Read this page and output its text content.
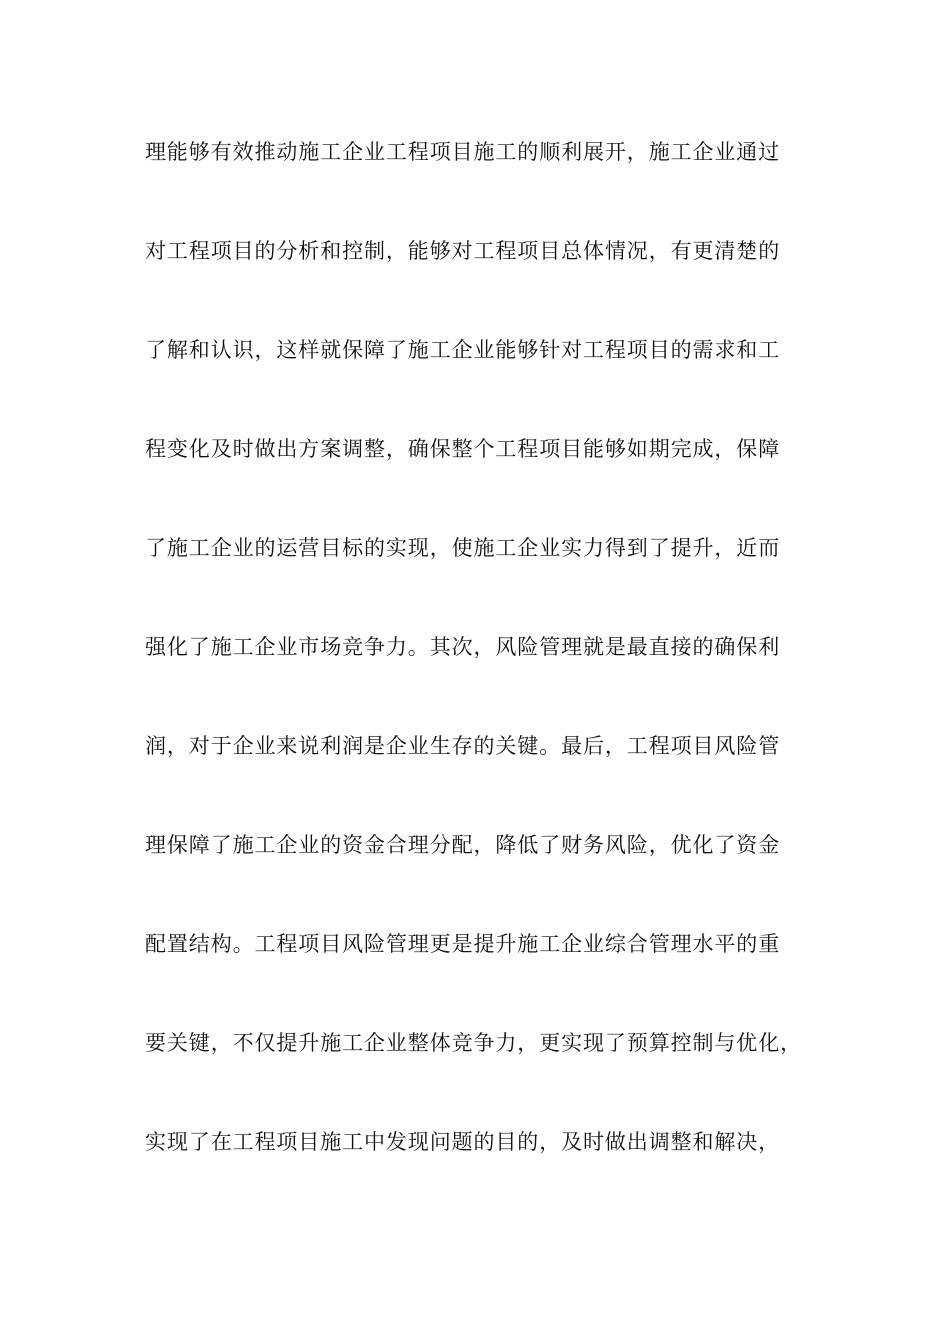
理能够有效推动施工企业工程项目施工的顺利展开，施工企业通过
对工程项目的分析和控制，能够对工程项目总体情况，有更清楚的
了解和认识，这样就保障了施工企业能够针对工程项目的需求和工
程变化及时做出方案调整，确保整个工程项目能够如期完成，保障
了施工企业的运营目标的实现，使施工企业实力得到了提升，近而
强化了施工企业市场竞争力。其次，风险管理就是最直接的确保利
润，对于企业来说利润是企业生存的关键。最后，工程项目风险管
理保障了施工企业的资金合理分配，降低了财务风险，优化了资金
配置结构。工程项目风险管理更是提升施工企业综合管理水平的重
要关键，不仅提升施工企业整体竞争力，更实现了预算控制与优化，
实现了在工程项目施工中发现问题的目的，及时做出调整和解决，
